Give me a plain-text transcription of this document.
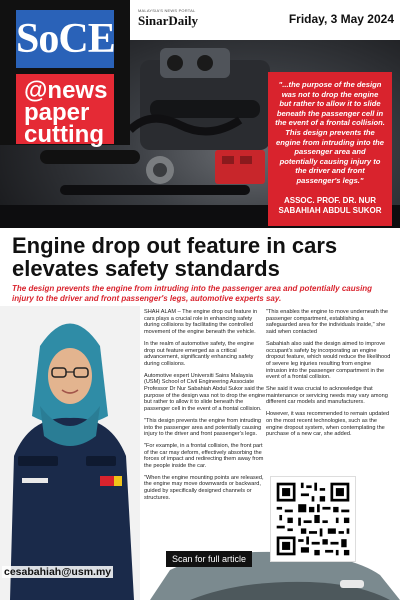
SoCE
@news
paper
cutting
MALAYSIA'S NEWS PORTAL
SinarDaily	Friday, 3 May 2024
"...the purpose of the design was not to drop the engine but rather to allow it to slide beneath the passenger cell in the event of a frontal collision. This design prevents the engine from intruding into the passenger area and potentially causing injury to the driver and front passenger's legs."
ASSOC. PROF. DR. NUR SABAHIAH ABDUL SUKOR
Engine drop out feature in cars elevates safety standards
The design prevents the engine from intruding into the passenger area and potentially causing injury to the driver and front passenger's legs, automotive experts say.
cesabahiah@usm.my

SHAH ALAM – The engine drop out feature in cars plays a crucial role in enhancing safety during collisions by facilitating the controlled movement of the engine beneath the vehicle.

In the realm of automotive safety, the engine drop out feature emerged as a critical advancement, significantly enhancing safety during collisions.

Automotive expert Universiti Sains Malaysia (USM) School of Civil Engineering Associate Professor Dr Nur Sabahiah Abdul Sukor said the purpose of the design was not to drop the engine but rather to allow it to slide beneath the passenger cell in the event of a frontal collision.

"This design prevents the engine from intruding into the passenger area and potentially causing injury to the driver and front passenger's legs.

"For example, in a frontal collision, the front part of the car may deform, effectively absorbing the forces of impact and redirecting them away from the people inside the car.

"When the engine mounting points are released, the engine may move downwards or backward, guided by specifically designed channels or structures.

"This enables the engine to move underneath the passenger compartment, establishing a safeguarded area for the individuals inside," she said when contacted

Sabahiah also said the design aimed to improve occupant's safety by incorporating an engine dropout feature, which would reduce the likelihood of severe leg injuries resulting from engine intrusion into the passenger compartment in the event of a frontal collision.

She said it was crucial to acknowledge that maintenance or servicing needs may vary among different car models and manufacturers.

However, it was recommended to remain updated on the most recent technologies, such as the engine dropout system, when contemplating the purchase of a new car, she added.

Scan for full article
